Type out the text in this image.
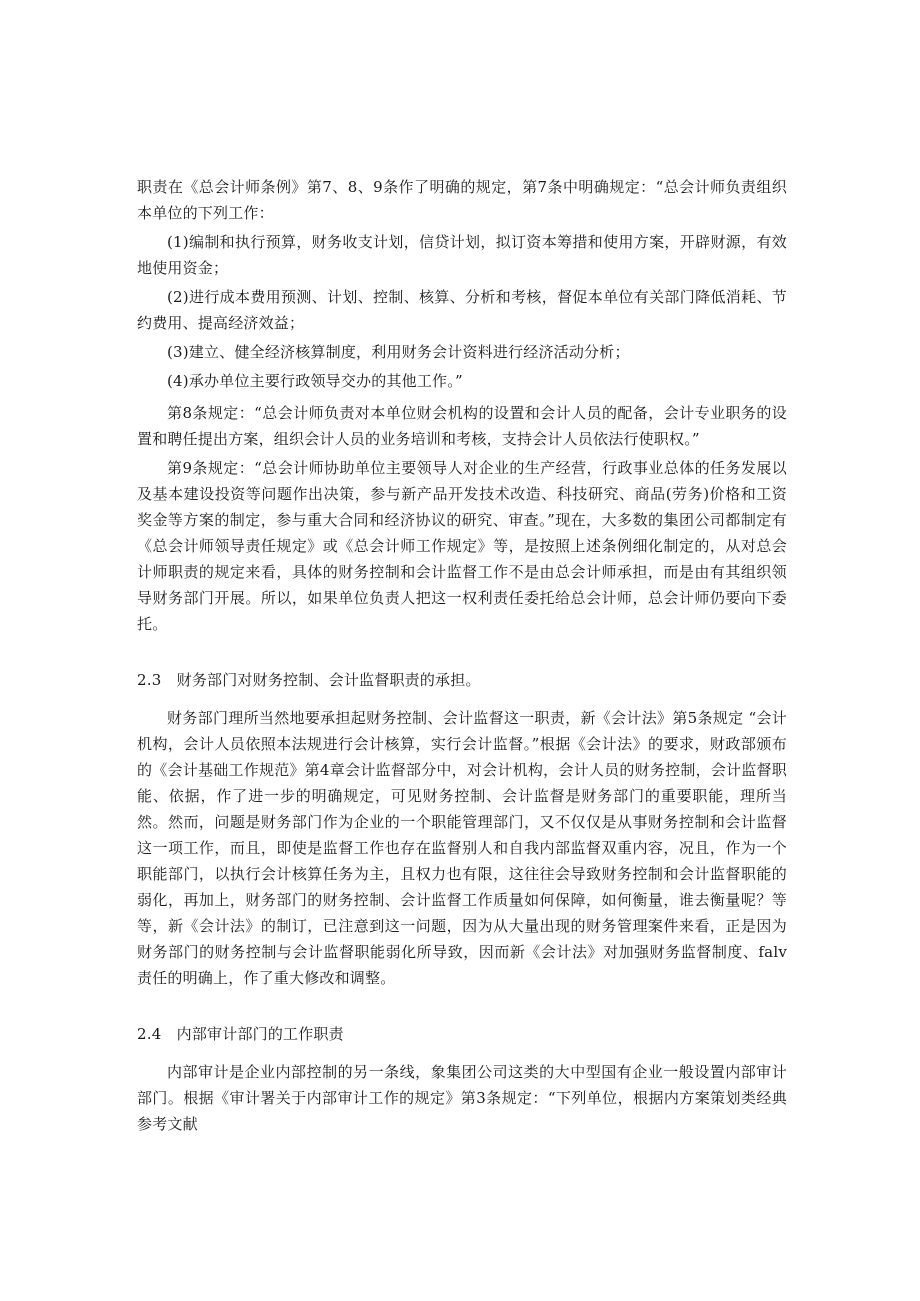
职责在《总会计师条例》第7、8、9条作了明确的规定，第7条中明确规定：“总会计师负责组织本单位的下列工作：

(1)编制和执行预算，财务收支计划，信贷计划，拟订资本筹措和使用方案，开辟财源，有效地使用资金；

(2)进行成本费用预测、计划、控制、核算、分析和考核，督促本单位有关部门降低消耗、节约费用、提高经济效益；

(3)建立、健全经济核算制度，利用财务会计资料进行经济活动分析；

(4)承办单位主要行政领导交办的其他工作。”

第8条规定：“总会计师负责对本单位财会机构的设置和会计人员的配备，会计专业职务的设置和聘任提出方案，组织会计人员的业务培训和考核，支持会计人员依法行使职权。”

第9条规定：“总会计师协助单位主要领导人对企业的生产经营，行政事业总体的任务发展以及基本建设投资等问题作出决策，参与新产品开发技术改造、科技研究、商品(劳务)价格和工资奖金等方案的制定，参与重大合同和经济协议的研究、审查。”现在，大多数的集团公司都制定有《总会计师领导责任规定》或《总会计师工作规定》等，是按照上述条例细化制定的，从对总会计师职责的规定来看，具体的财务控制和会计监督工作不是由总会计师承担，而是由有其组织领导财务部门开展。所以，如果单位负责人把这一权利责任委托给总会计师，总会计师仍要向下委托。

2.3　财务部门对财务控制、会计监督职责的承担。

财务部门理所当然地要承担起财务控制、会计监督这一职责，新《会计法》第5条规定 “会计机构，会计人员依照本法规进行会计核算，实行会计监督。”根据《会计法》的要求，财政部颁布的《会计基础工作规范》第4章会计监督部分中，对会计机构，会计人员的财务控制，会计监督职能、依据，作了进一步的明确规定，可见财务控制、会计监督是财务部门的重要职能，理所当然。然而，问题是财务部门作为企业的一个职能管理部门，又不仅仅是从事财务控制和会计监督这一项工作，而且，即使是监督工作也存在监督别人和自我内部监督双重内容，况且，作为一个职能部门，以执行会计核算任务为主，且权力也有限，这往往会导致财务控制和会计监督职能的弱化，再加上，财务部门的财务控制、会计监督工作质量如何保障，如何衡量，谁去衡量呢？等等，新《会计法》的制订，已注意到这一问题，因为从大量出现的财务管理案件来看，正是因为财务部门的财务控制与会计监督职能弱化所导致，因而新《会计法》对加强财务监督制度、falv责任的明确上，作了重大修改和调整。

2.4　内部审计部门的工作职责

内部审计是企业内部控制的另一条线，象集团公司这类的大中型国有企业一般设置内部审计部门。根据《审计署关于内部审计工作的规定》第3条规定：“下列单位，根据内方案策划类经典参考文献
